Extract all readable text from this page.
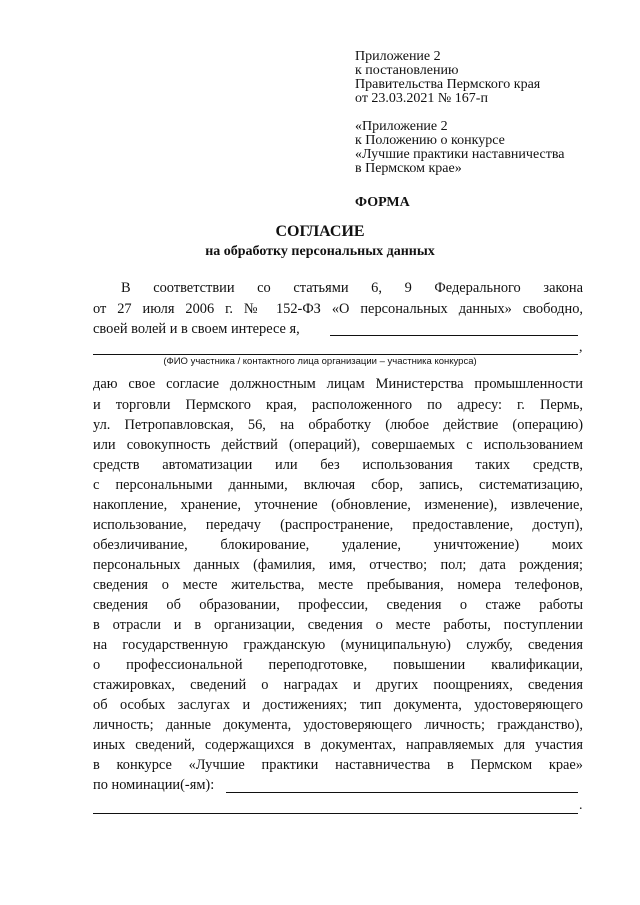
Приложение 2
к постановлению
Правительства Пермского края
от 23.03.2021 № 167-п
«Приложение 2
к Положению о конкурсе
«Лучшие практики наставничества
в Пермском крае»
ФОРМА
СОГЛАСИЕ
на обработку персональных данных
В соответствии со статьями 6, 9 Федерального закона
от 27 июля 2006 г. № 152-ФЗ «О персональных данных» свободно,
своей волей и в своем интересе я,
,
(ФИО участника / контактного лица организации – участника конкурса)
даю свое согласие должностным лицам Министерства промышленности
и торговли Пермского края, расположенного по адресу: г. Пермь,
ул. Петропавловская, 56, на обработку (любое действие (операцию)
или совокупность действий (операций), совершаемых с использованием
средств автоматизации или без использования таких средств,
с персональными данными, включая сбор, запись, систематизацию,
накопление, хранение, уточнение (обновление, изменение), извлечение,
использование, передачу (распространение, предоставление, доступ),
обезличивание, блокирование, удаление, уничтожение) моих
персональных данных (фамилия, имя, отчество; пол; дата рождения;
сведения о месте жительства, месте пребывания, номера телефонов,
сведения об образовании, профессии, сведения о стаже работы
в отрасли и в организации, сведения о месте работы, поступлении
на государственную гражданскую (муниципальную) службу, сведения
о профессиональной переподготовке, повышении квалификации,
стажировках, сведений о наградах и других поощрениях, сведения
об особых заслугах и достижениях; тип документа, удостоверяющего
личность; данные документа, удостоверяющего личность; гражданство),
иных сведений, содержащихся в документах, направляемых для участия
в конкурсе «Лучшие практики наставничества в Пермском крае»
по номинации(-ям):
.
